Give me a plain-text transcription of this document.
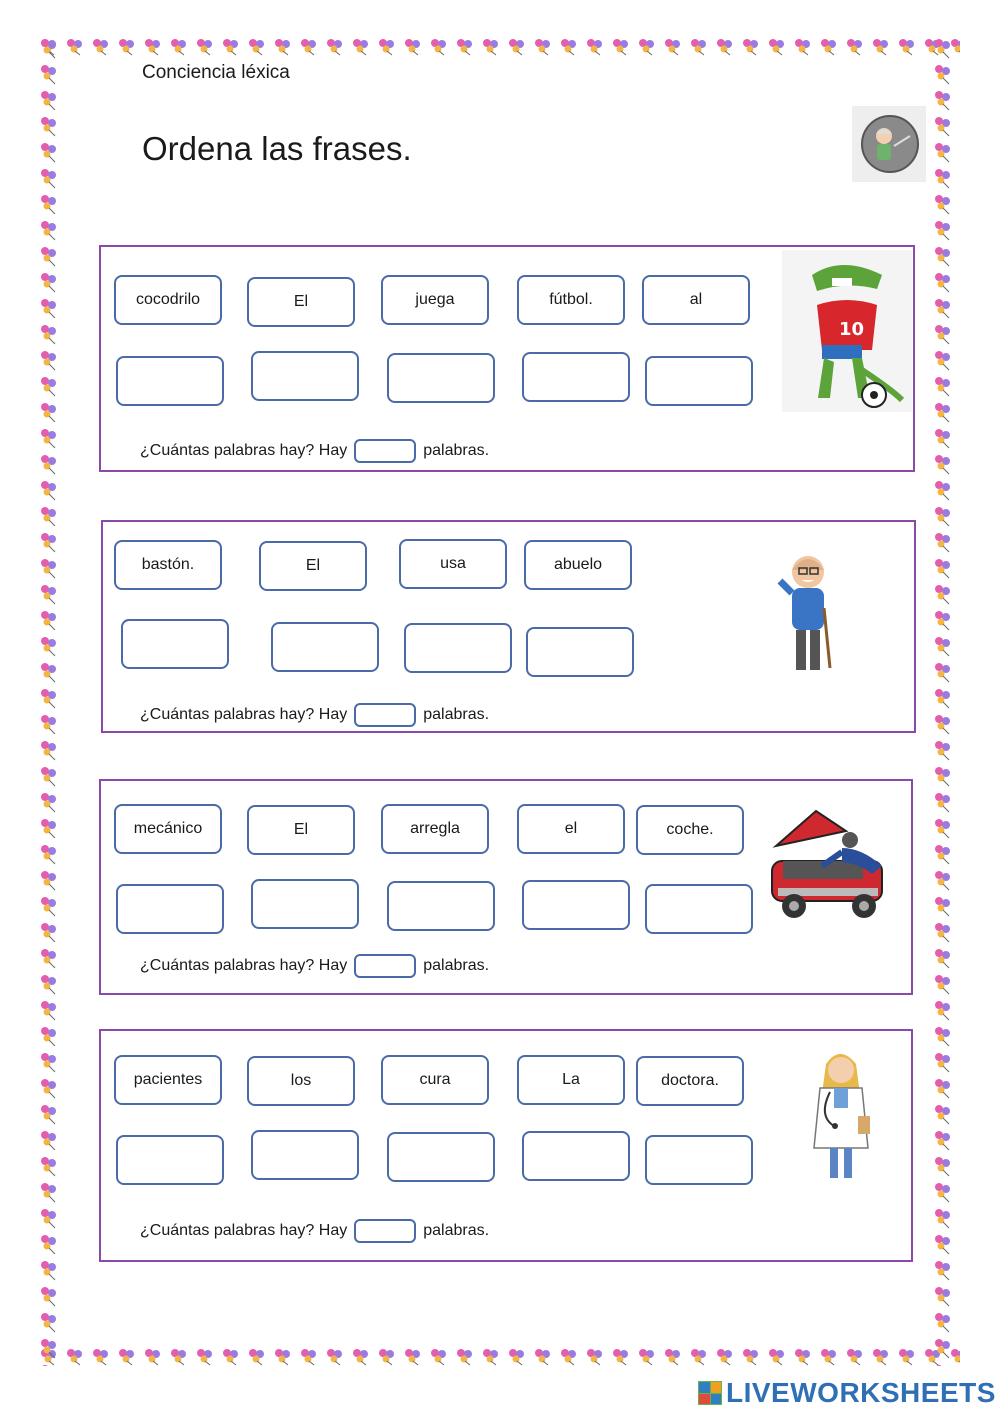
Conciencia léxica
Ordena las frases.
cocodrilo	El	juega	fútbol.	al
¿Cuántas palabras hay? Hay	palabras.
10
bastón.	El	usa	abuelo
¿Cuántas palabras hay? Hay	palabras.
mecánico	El	arregla	el	coche.
¿Cuántas palabras hay? Hay	palabras.
pacientes	los	cura	La	doctora.
¿Cuántas palabras hay? Hay	palabras.
LIVEWORKSHEETS
